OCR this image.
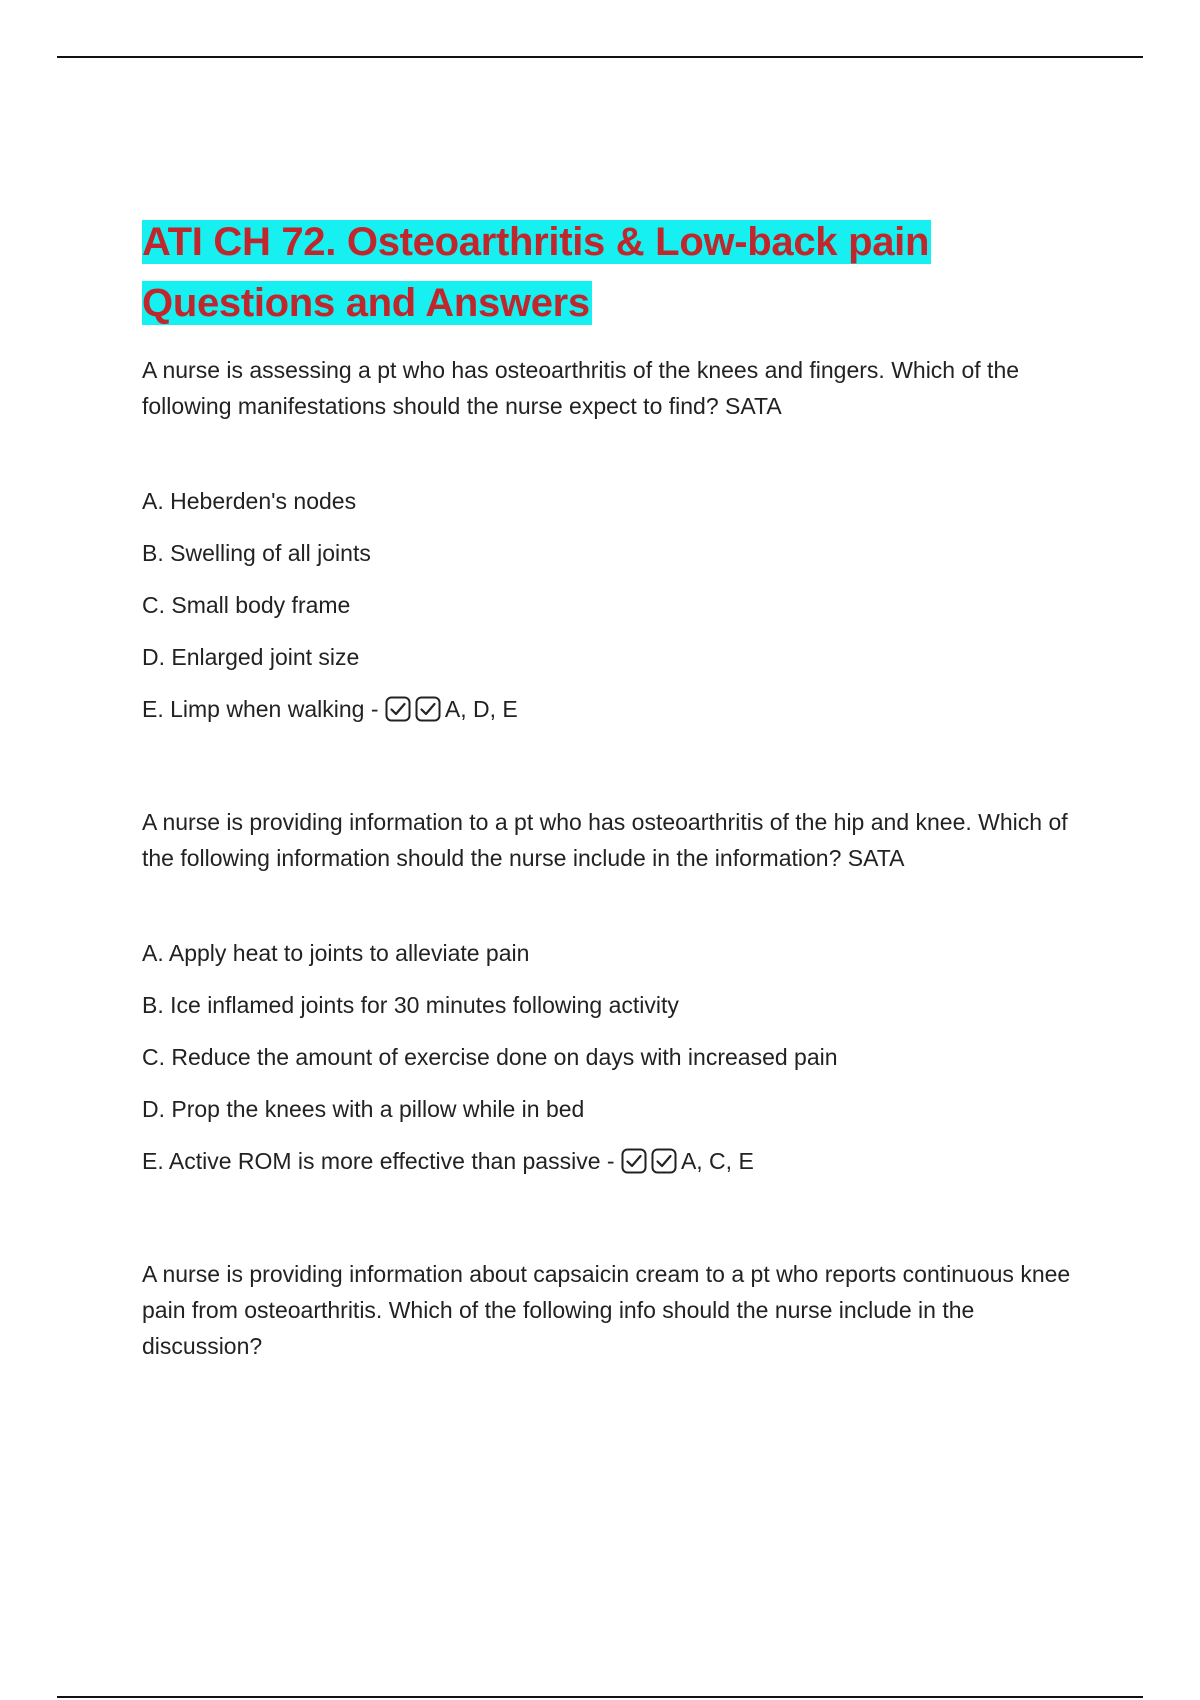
ATI CH 72. Osteoarthritis & Low-back pain
Questions and Answers

A nurse is assessing a pt who has osteoarthritis of the knees and fingers. Which of the following manifestations should the nurse expect to find? SATA

A. Heberden's nodes
B. Swelling of all joints
C. Small body frame
D. Enlarged joint size
E. Limp when walking -
	A, D, E

A nurse is providing information to a pt who has osteoarthritis of the hip and knee. Which of the following information should the nurse include in the information? SATA

A. Apply heat to joints to alleviate pain
B. Ice inflamed joints for 30 minutes following activity
C. Reduce the amount of exercise done on days with increased pain
D. Prop the knees with a pillow while in bed
E. Active ROM is more effective than passive -
	A, C, E

A nurse is providing information about capsaicin cream to a pt who reports continuous knee pain from osteoarthritis. Which of the following info should the nurse include in the discussion?
